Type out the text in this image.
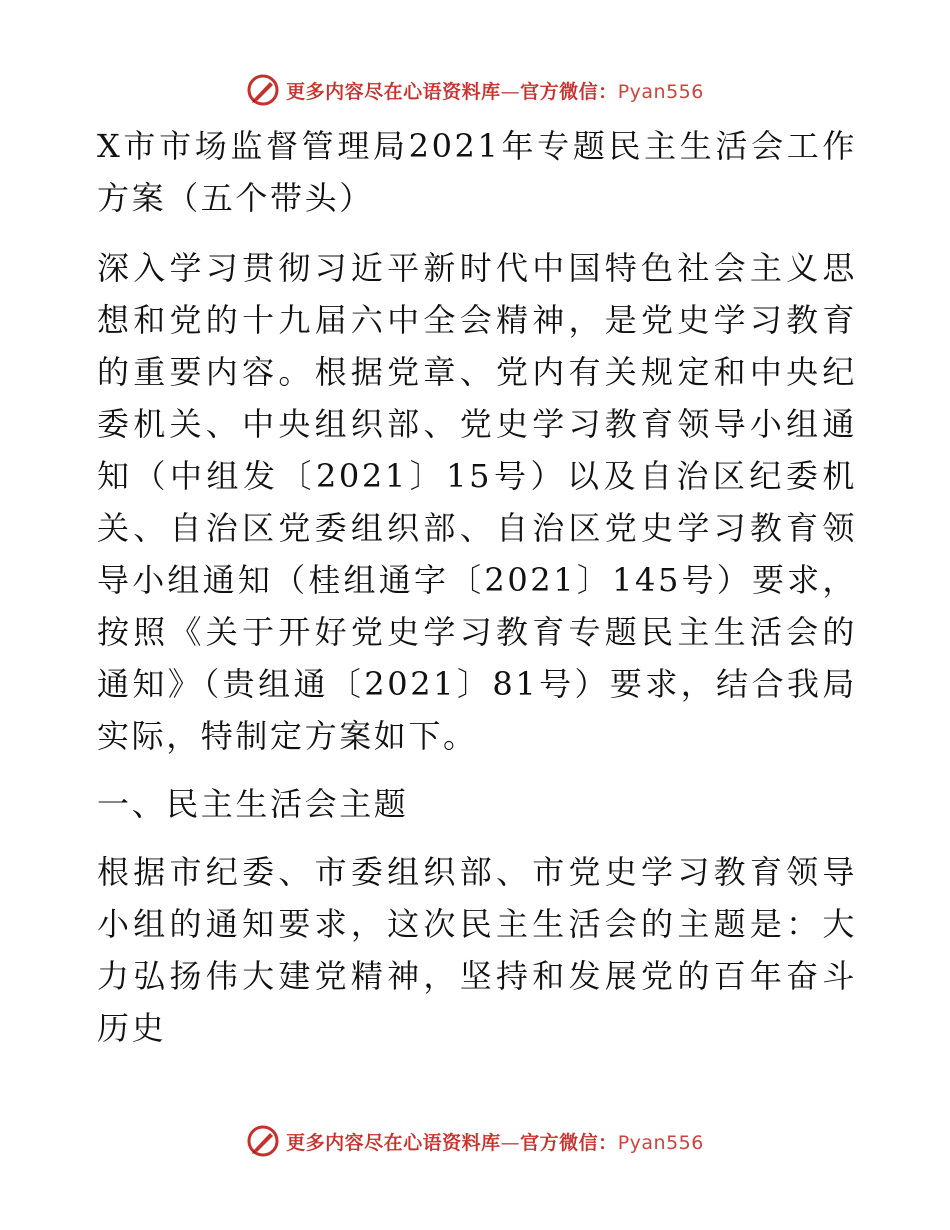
更多内容尽在心语资料库—官方微信：Pyan556

X市市场监督管理局2021年专题民主生活会工作方案（五个带头）

深入学习贯彻习近平新时代中国特色社会主义思想和党的十九届六中全会精神，是党史学习教育的重要内容。根据党章、党内有关规定和中央纪委机关、中央组织部、党史学习教育领导小组通知（中组发〔2021〕15号）以及自治区纪委机关、自治区党委组织部、自治区党史学习教育领导小组通知（桂组通字〔2021〕145号）要求，按照《关于开好党史学习教育专题民主生活会的通知》（贵组通〔2021〕81号）要求，结合我局实际，特制定方案如下。

一、民主生活会主题

根据市纪委、市委组织部、市党史学习教育领导小组的通知要求，这次民主生活会的主题是：大力弘扬伟大建党精神，坚持和发展党的百年奋斗历史

更多内容尽在心语资料库—官方微信：Pyan556
